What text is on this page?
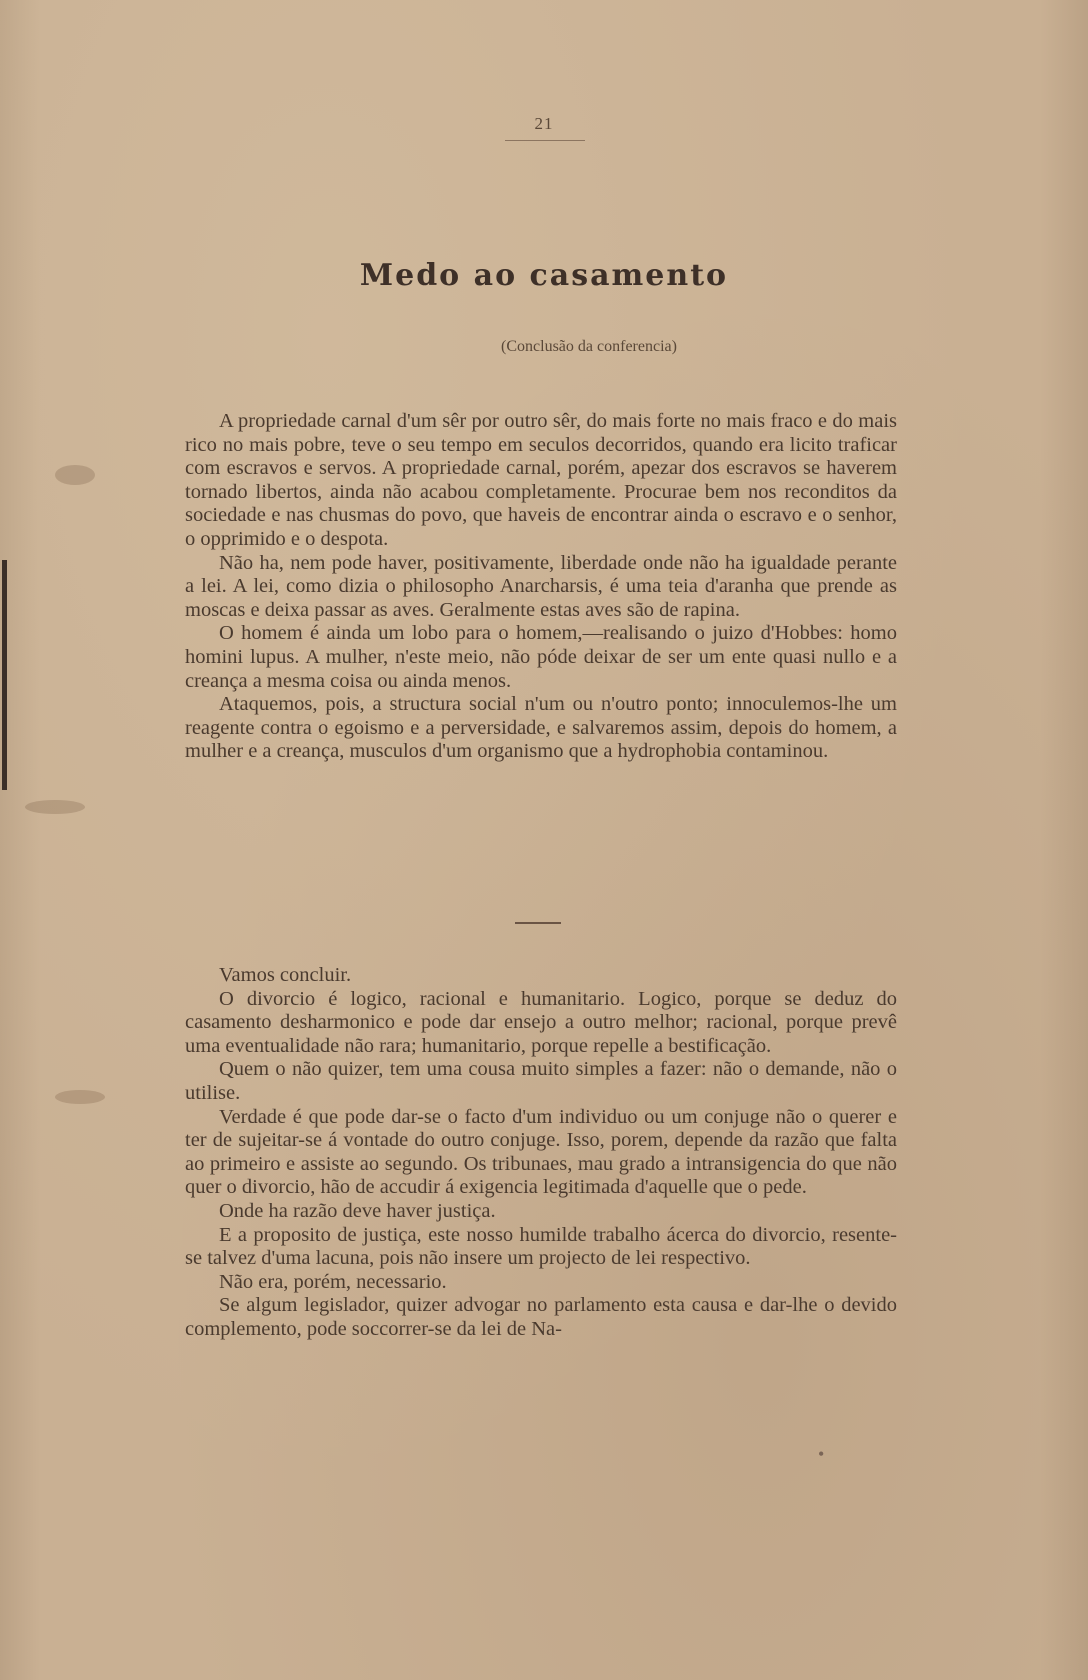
21
Medo ao casamento
(Conclusão da conferencia)

A propriedade carnal d'um sêr por outro sêr, do mais forte no mais fraco e do mais rico no mais pobre, teve o seu tempo em seculos decorridos, quando era licito traficar com escravos e servos. A propriedade carnal, porém, apezar dos escravos se haverem tornado libertos, ainda não acabou completamente. Procurae bem nos reconditos da sociedade e nas chusmas do povo, que haveis de encontrar ainda o escravo e o senhor, o opprimido e o despota.

Não ha, nem pode haver, positivamente, liberdade onde não ha igualdade perante a lei. A lei, como dizia o philosopho Anarcharsis, é uma teia d'aranha que prende as moscas e deixa passar as aves. Geralmente estas aves são de rapina.

O homem é ainda um lobo para o homem,—realisando o juizo d'Hobbes: homo homini lupus. A mulher, n'este meio, não póde deixar de ser um ente quasi nullo e a creança a mesma coisa ou ainda menos.

Ataquemos, pois, a structura social n'um ou n'outro ponto; innoculemos-lhe um reagente contra o egoismo e a perversidade, e salvaremos assim, depois do homem, a mulher e a creança, musculos d'um organismo que a hydrophobia contaminou.

Vamos concluir.

O divorcio é logico, racional e humanitario. Logico, porque se deduz do casamento desharmonico e pode dar ensejo a outro melhor; racional, porque prevê uma eventualidade não rara; humanitario, porque repelle a bestificação.

Quem o não quizer, tem uma cousa muito simples a fazer: não o demande, não o utilise.

Verdade é que pode dar-se o facto d'um individuo ou um conjuge não o querer e ter de sujeitar-se á vontade do outro conjuge. Isso, porem, depende da razão que falta ao primeiro e assiste ao segundo. Os tribunaes, mau grado a intransigencia do que não quer o divorcio, hão de accudir á exigencia legitimada d'aquelle que o pede.

Onde ha razão deve haver justiça.

E a proposito de justiça, este nosso humilde trabalho ácerca do divorcio, resente-se talvez d'uma lacuna, pois não insere um projecto de lei respectivo.

Não era, porém, necessario.

Se algum legislador, quizer advogar no parlamento esta causa e dar-lhe o devido complemento, pode soccorrer-se da lei de Na-

•
